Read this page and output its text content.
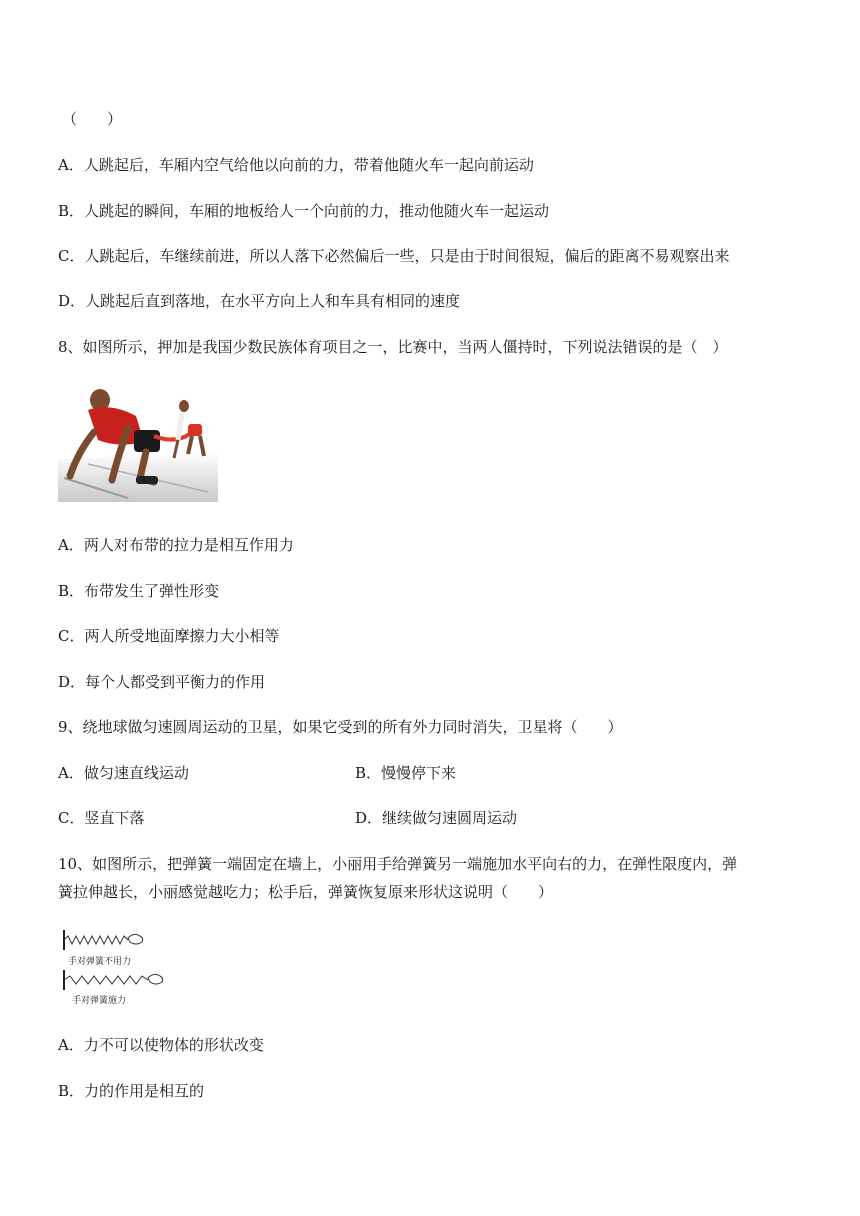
（　　）
A．人跳起后，车厢内空气给他以向前的力，带着他随火车一起向前运动
B．人跳起的瞬间，车厢的地板给人一个向前的力，推动他随火车一起运动
C．人跳起后，车继续前进，所以人落下必然偏后一些，只是由于时间很短，偏后的距离不易观察出来
D．人跳起后直到落地，在水平方向上人和车具有相同的速度
8、如图所示，押加是我国少数民族体育项目之一，比赛中，当两人僵持时，下列说法错误的是（　）
A．两人对布带的拉力是相互作用力
B．布带发生了弹性形变
C．两人所受地面摩擦力大小相等
D．每个人都受到平衡力的作用
9、绕地球做匀速圆周运动的卫星，如果它受到的所有外力同时消失，卫星将（　　）
A．做匀速直线运动	B．慢慢停下来
C．竖直下落	D．继续做匀速圆周运动
10、如图所示，把弹簧一端固定在墙上，小丽用手给弹簧另一端施加水平向右的力，在弹性限度内，弹
簧拉伸越长，小丽感觉越吃力；松手后，弹簧恢复原来形状这说明（　　）
手对弹簧不用力
手对弹簧施力
A．力不可以使物体的形状改变
B．力的作用是相互的
